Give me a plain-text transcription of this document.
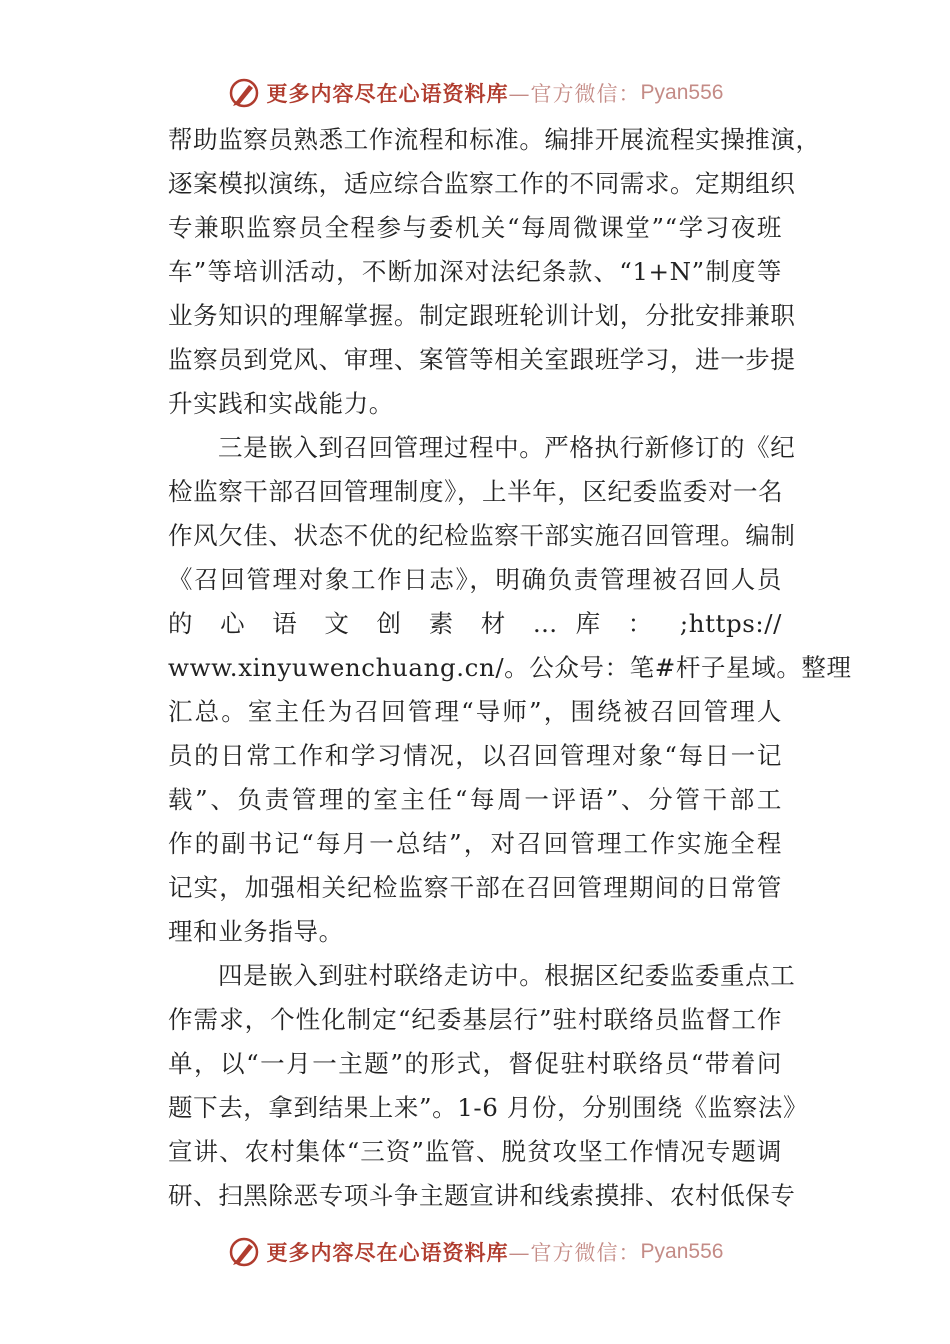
更多内容尽在心语资料库 —官方微信： Pyan556
帮助监察员熟悉工作流程和标准。编排开展流程实操推演，
逐案模拟演练，适应综合监察工作的不同需求。定期组织
专兼职监察员全程参与委机关“每周微课堂”“学习夜班
车”等培训活动，不断加深对法纪条款、“1+N”制度等
业务知识的理解掌握。制定跟班轮训计划，分批安排兼职
监察员到党风、审理、案管等相关室跟班学习，进一步提
升实践和实战能力。
三是嵌入到召回管理过程中。严格执行新修订的《纪
检监察干部召回管理制度》，上半年，区纪委监委对一名
作风欠佳、状态不优的纪检监察干部实施召回管理。编制
《召回管理对象工作日志》，明确负责管理被召回人员
的 心 语 文 创 素 材 … 库 ： ;https://
www.xinyuwenchuang.cn/。公众号：笔#杆子星域。整理
汇总。室主任为召回管理“导师”，围绕被召回管理人
员的日常工作和学习情况，以召回管理对象“每日一记
载”、负责管理的室主任“每周一评语”、分管干部工
作的副书记“每月一总结”，对召回管理工作实施全程
记实，加强相关纪检监察干部在召回管理期间的日常管
理和业务指导。
四是嵌入到驻村联络走访中。根据区纪委监委重点工
作需求，个性化制定“纪委基层行”驻村联络员监督工作
单，以“一月一主题”的形式，督促驻村联络员“带着问
题下去，拿到结果上来”。1-6 月份，分别围绕《监察法》
宣讲、农村集体“三资”监管、脱贫攻坚工作情况专题调
研、扫黑除恶专项斗争主题宣讲和线索摸排、农村低保专
更多内容尽在心语资料库 —官方微信： Pyan556
